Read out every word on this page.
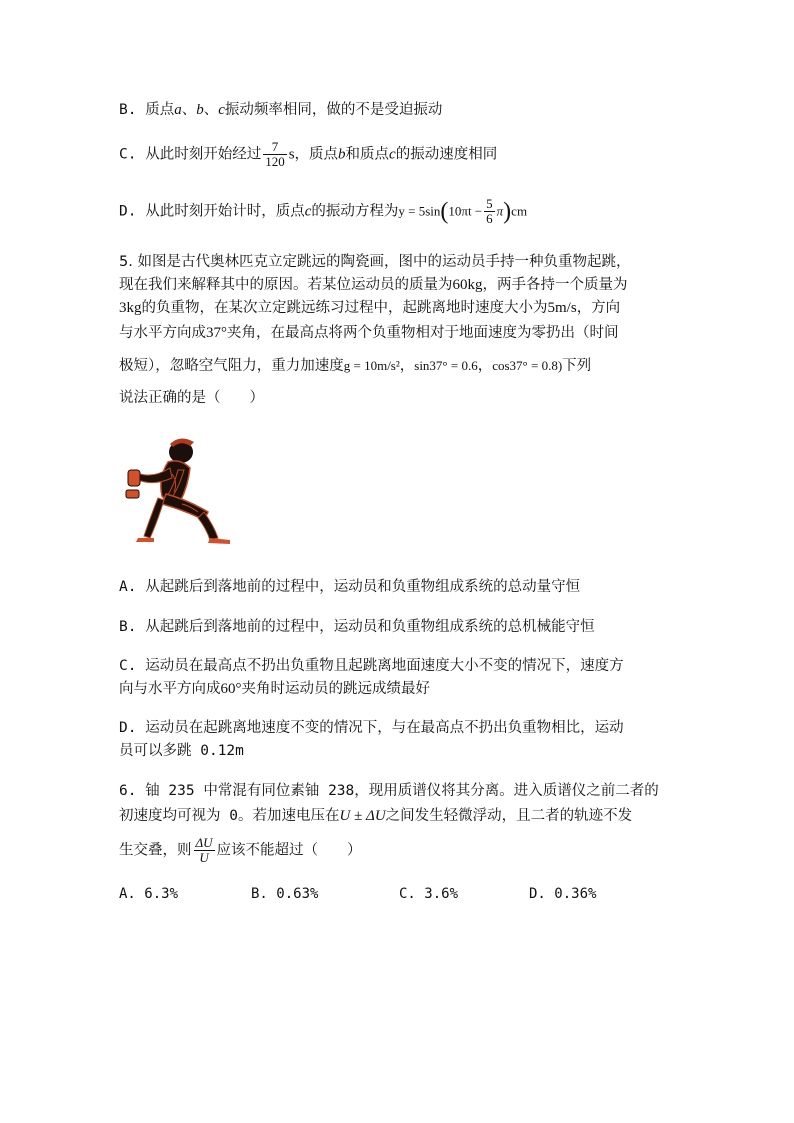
B. 质点a、b、c振动频率相同，做的不是受迫振动
C. 从此时刻开始经过 $\frac{7}{120}$ s，质点b和质点c的振动速度相同
D. 从此时刻开始计时，质点c的振动方程为$y = 5\sin(10\pi t - \frac{5}{6} \pi)cm$
5. 如图是古代奥林匹克立定跳远的陶瓷画，图中的运动员手持一种负重物起跳，
现在我们来解释其中的原因。若某位运动员的质量为60kg，两手各持一个质量为
3kg的负重物，在某次立定跳远练习过程中，起跳离地时速度大小为5m/s，方向
与水平方向成37°夹角，在最高点将两个负重物相对于地面速度为零扔出（时间
极短），忽略空气阻力，重力加速度g = 10m/s²，sin37° = 0.6，cos37° = 0.8)下列
说法正确的是（　　）
A. 从起跳后到落地前的过程中，运动员和负重物组成系统的总动量守恒
B. 从起跳后到落地前的过程中，运动员和负重物组成系统的总机械能守恒
C. 运动员在最高点不扔出负重物且起跳离地面速度大小不变的情况下，速度方
向与水平方向成60°夹角时运动员的跳远成绩最好
D. 运动员在起跳离地速度不变的情况下，与在最高点不扔出负重物相比，运动
员可以多跳 0.12m
6. 铀 235 中常混有同位素铀 238，现用质谱仪将其分离。进入质谱仪之前二者的
初速度均可视为 0。若加速电压在U ± ΔU之间发生轻微浮动，且二者的轨迹不发
生交叠，则 $\frac{\Delta U}{U}$ 应该不能超过（　　）
A. 6.3%	B. 0.63%	C. 3.6%	D. 0.36%
